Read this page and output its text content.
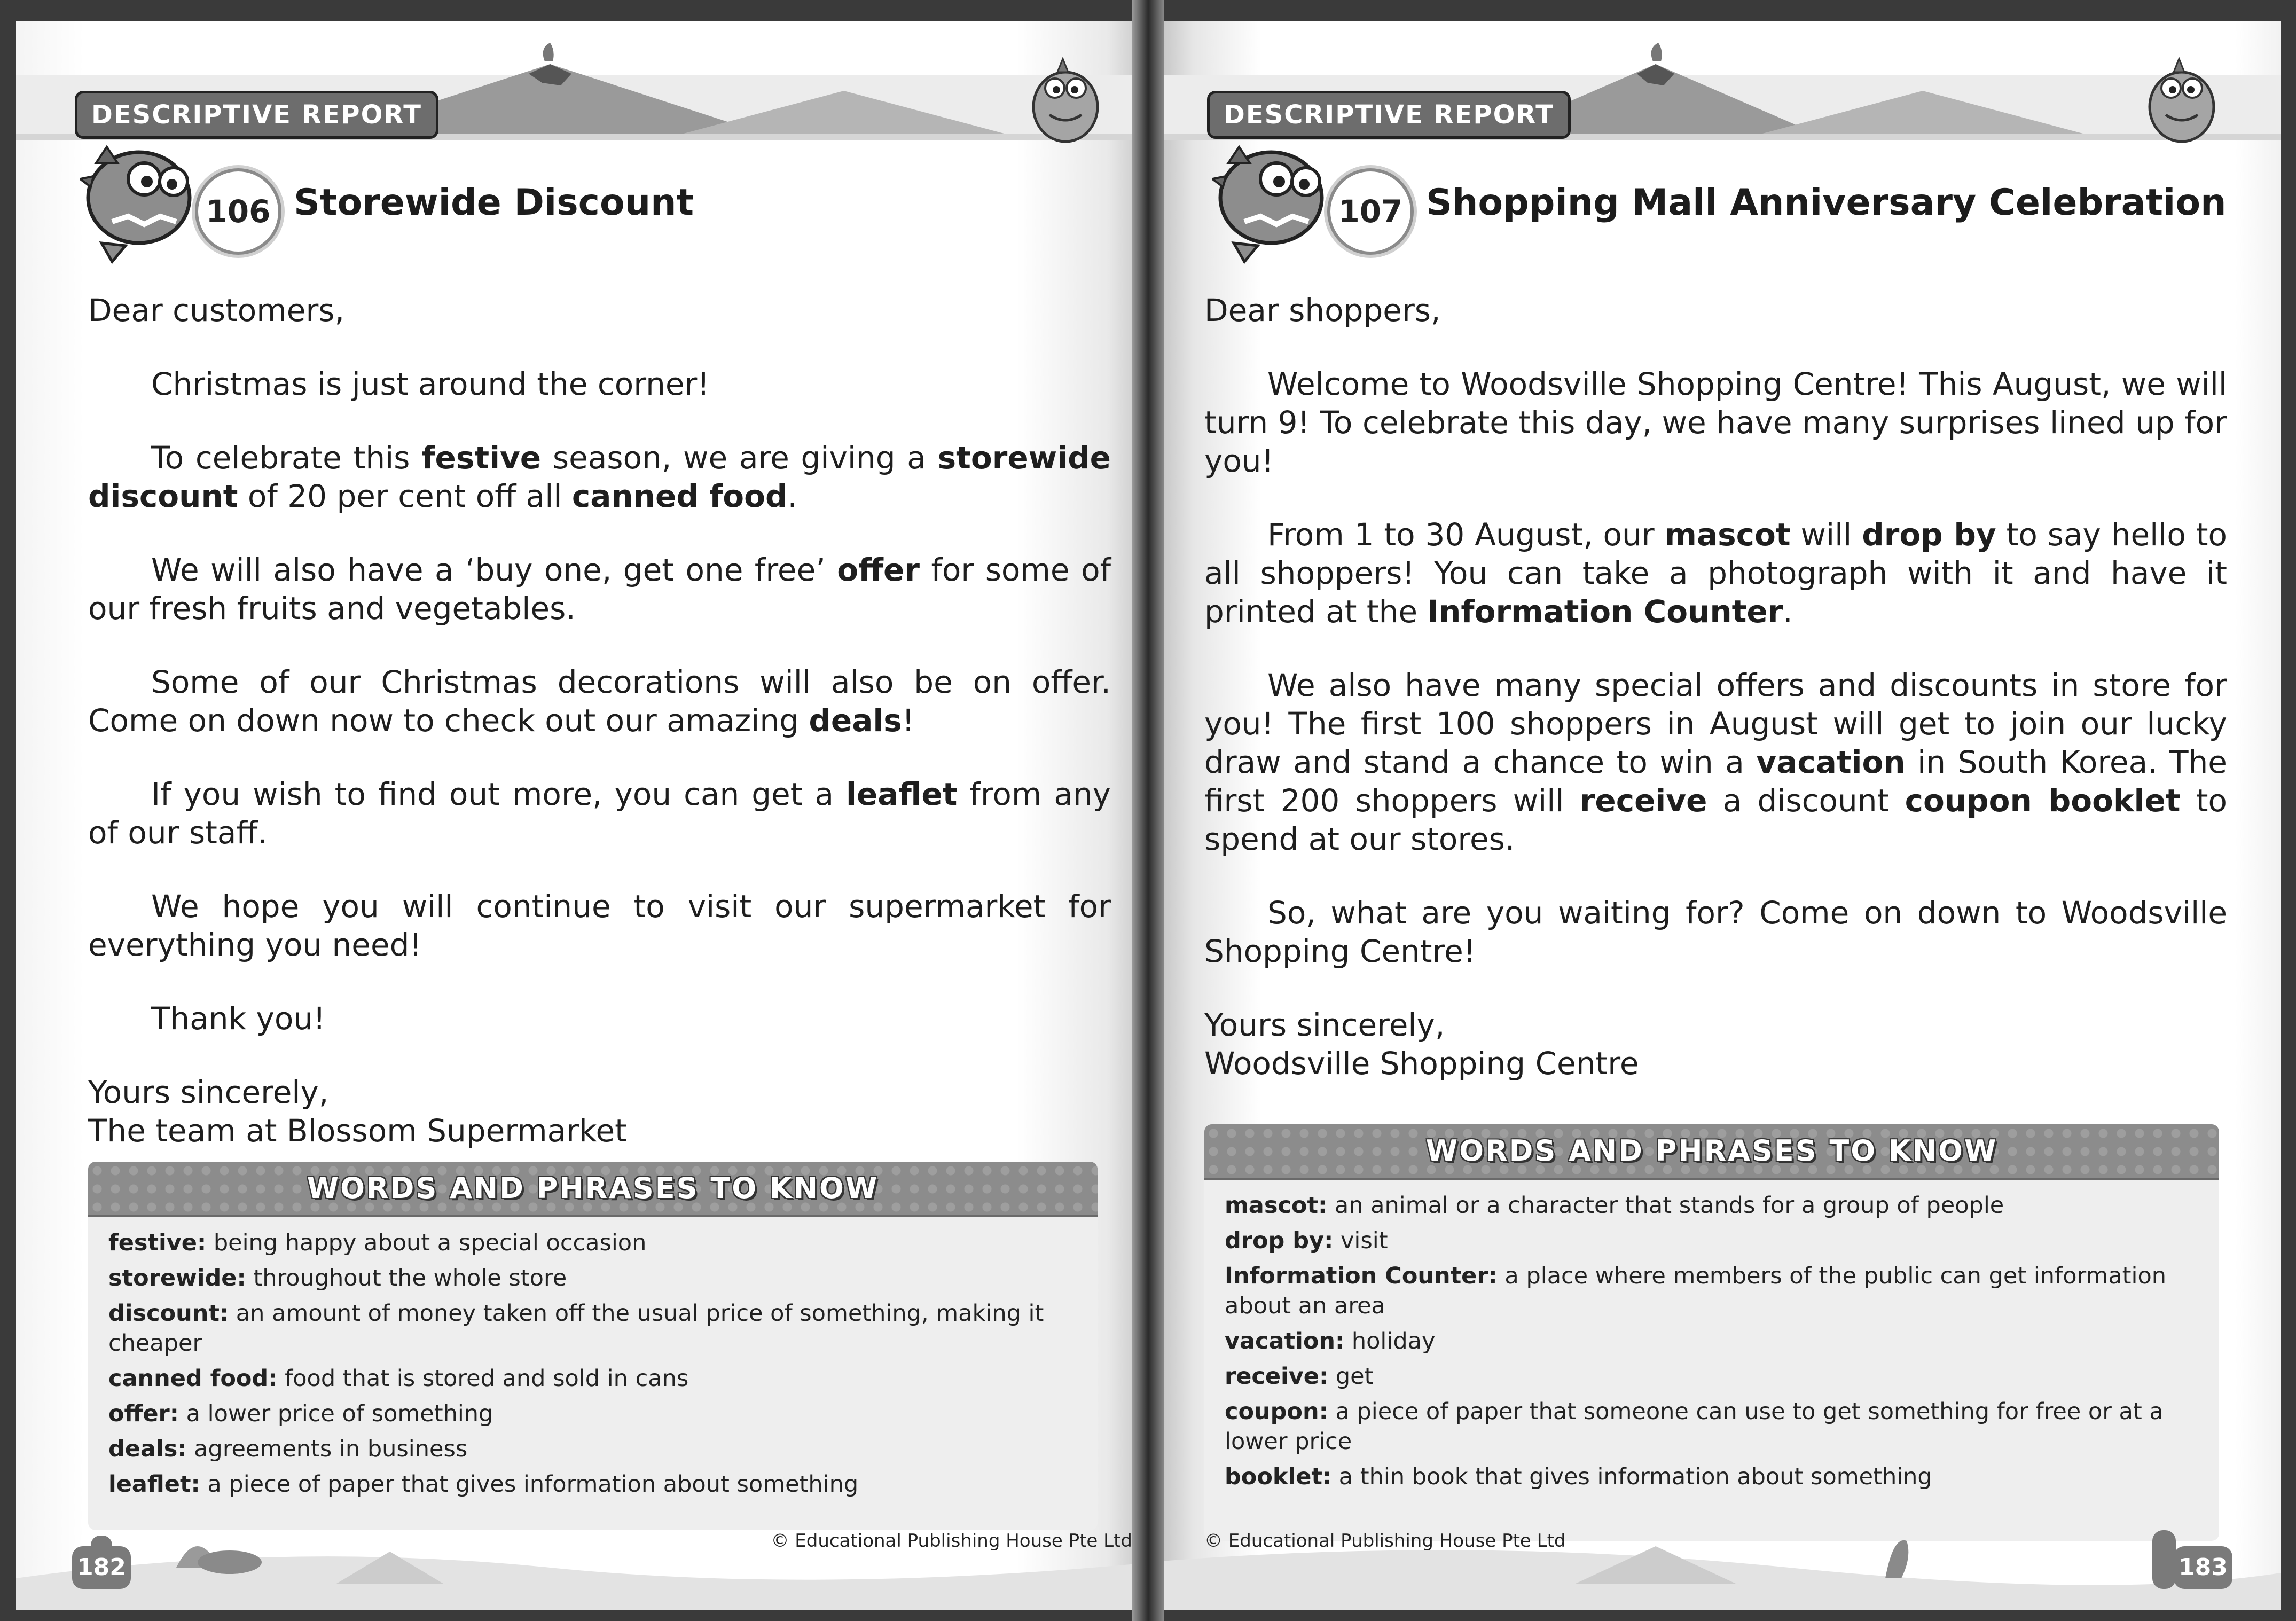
DESCRIPTIVE REPORT
106 Storewide Discount

Dear customers,

Christmas is just around the corner!

To celebrate this festive season, we are giving a storewide discount of 20 per cent off all canned food.

We will also have a ‘buy one, get one free’ offer for some of our fresh fruits and vegetables.

Some of our Christmas decorations will also be on offer. Come on down now to check out our amazing deals!

If you wish to find out more, you can get a leaflet from any of our staff.

We hope you will continue to visit our supermarket for everything you need!

Thank you!

Yours sincerely,

The team at Blossom Supermarket

WORDS AND PHRASES TO KNOW
festive: being happy about a special occasion
storewide: throughout the whole store
discount: an amount of money taken off the usual price of something, making it cheaper
canned food: food that is stored and sold in cans
offer: a lower price of something
deals: agreements in business
leaflet: a piece of paper that gives information about something
© Educational Publishing House Pte Ltd
182
DESCRIPTIVE REPORT
107 Shopping Mall Anniversary Celebration

Dear shoppers,

Welcome to Woodsville Shopping Centre! This August, we will turn 9! To celebrate this day, we have many surprises lined up for you!

From 1 to 30 August, our mascot will drop by to say hello to all shoppers! You can take a photograph with it and have it printed at the Information Counter.

We also have many special offers and discounts in store for you! The first 100 shoppers in August will get to join our lucky draw and stand a chance to win a vacation in South Korea. The first 200 shoppers will receive a discount coupon booklet to spend at our stores.

So, what are you waiting for? Come on down to Woodsville Shopping Centre!

Yours sincerely,

Woodsville Shopping Centre

WORDS AND PHRASES TO KNOW
mascot: an animal or a character that stands for a group of people
drop by: visit
Information Counter: a place where members of the public can get information about an area
vacation: holiday
receive: get
coupon: a piece of paper that someone can use to get something for free or at a lower price
booklet: a thin book that gives information about something
© Educational Publishing House Pte Ltd
183
